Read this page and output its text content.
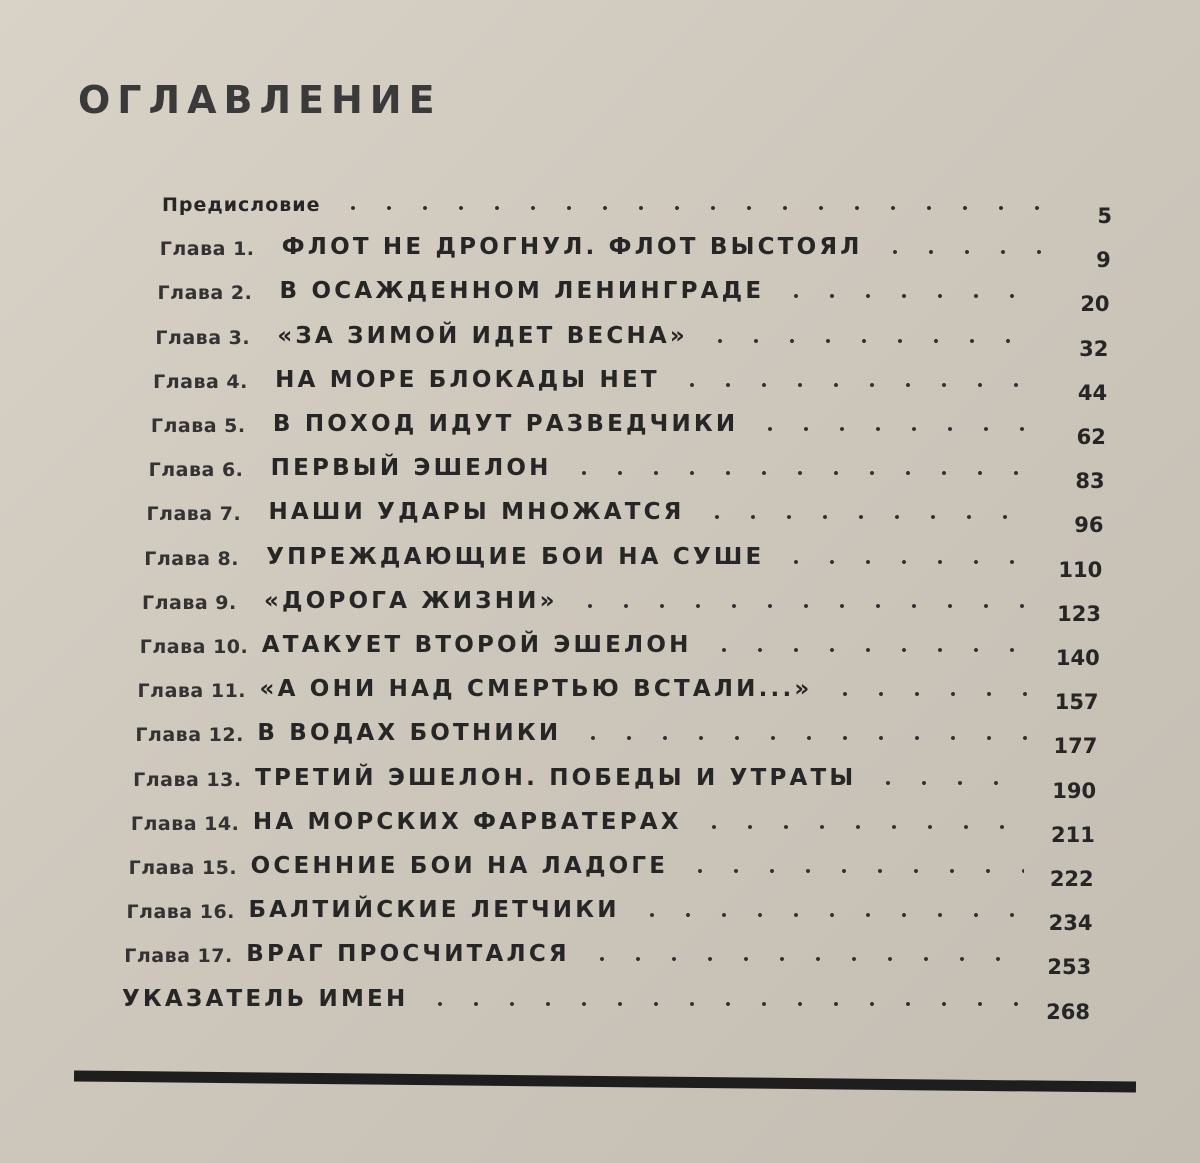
ОГЛАВЛЕНИЕ
Предисловие	5
Глава 1.	ФЛОТ НЕ ДРОГНУЛ. ФЛОТ ВЫСТОЯЛ	9
Глава 2.	В ОСАЖДЕННОМ ЛЕНИНГРАДЕ	20
Глава 3.	«ЗА ЗИМОЙ ИДЕТ ВЕСНА»	32
Глава 4.	НА МОРЕ БЛОКАДЫ НЕТ	44
Глава 5.	В ПОХОД ИДУТ РАЗВЕДЧИКИ	62
Глава 6.	ПЕРВЫЙ ЭШЕЛОН	83
Глава 7.	НАШИ УДАРЫ МНОЖАТСЯ	96
Глава 8.	УПРЕЖДАЮЩИЕ БОИ НА СУШЕ	110
Глава 9.	«ДОРОГА ЖИЗНИ»	123
Глава 10. АТАКУЕТ ВТОРОЙ ЭШЕЛОН	140
Глава 11. «А ОНИ НАД СМЕРТЬЮ ВСТАЛИ...»	157
Глава 12. В ВОДАХ БОТНИКИ	177
Глава 13. ТРЕТИЙ ЭШЕЛОН. ПОБЕДЫ И УТРАТЫ	190
Глава 14. НА МОРСКИХ ФАРВАТЕРАХ	211
Глава 15. ОСЕННИЕ БОИ НА ЛАДОГЕ	222
Глава 16. БАЛТИЙСКИЕ ЛЕТЧИКИ	234
Глава 17. ВРАГ ПРОСЧИТАЛСЯ	253
УКАЗАТЕЛЬ ИМЕН	268
